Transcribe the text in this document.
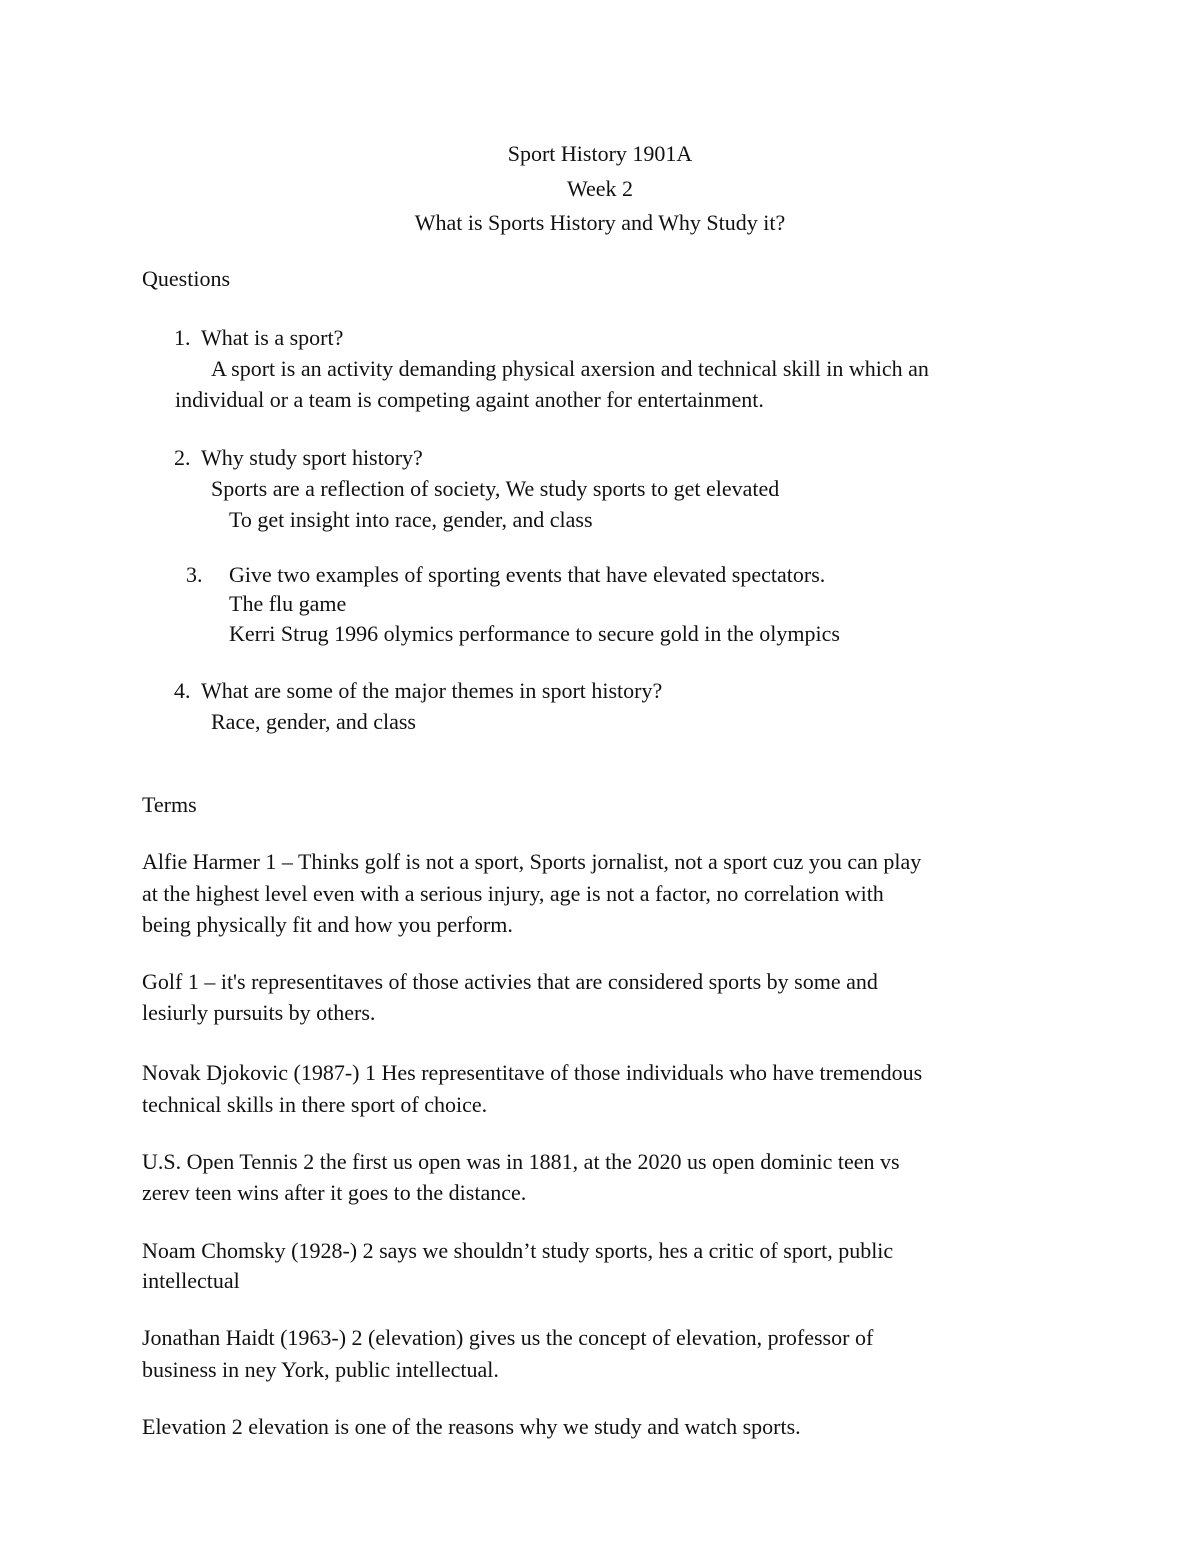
Sport History 1901A
Week 2
What is Sports History and Why Study it?
Questions
1. What is a sport?
A sport is an activity demanding physical axersion and technical skill in which an
individual or a team is competing againt another for entertainment.
2. Why study sport history?
Sports are a reflection of society, We study sports to get elevated
To get insight into race, gender, and class
3. Give two examples of sporting events that have elevated spectators.
The flu game
Kerri Strug 1996 olymics performance to secure gold in the olympics
4. What are some of the major themes in sport history?
Race, gender, and class
Terms
Alfie Harmer 1 – Thinks golf is not a sport, Sports jornalist, not a sport cuz you can play
at the highest level even with a serious injury, age is not a factor, no correlation with
being physically fit and how you perform.
Golf 1 – it's representitaves of those activies that are considered sports by some and
lesiurly pursuits by others.
Novak Djokovic (1987-) 1 Hes representitave of those individuals who have tremendous
technical skills in there sport of choice.
U.S. Open Tennis 2 the first us open was in 1881, at the 2020 us open dominic teen vs
zerev teen wins after it goes to the distance.
Noam Chomsky (1928-) 2 says we shouldn’t study sports, hes a critic of sport, public
intellectual
Jonathan Haidt (1963-) 2 (elevation) gives us the concept of elevation, professor of
business in ney York, public intellectual.
Elevation 2 elevation is one of the reasons why we study and watch sports.
